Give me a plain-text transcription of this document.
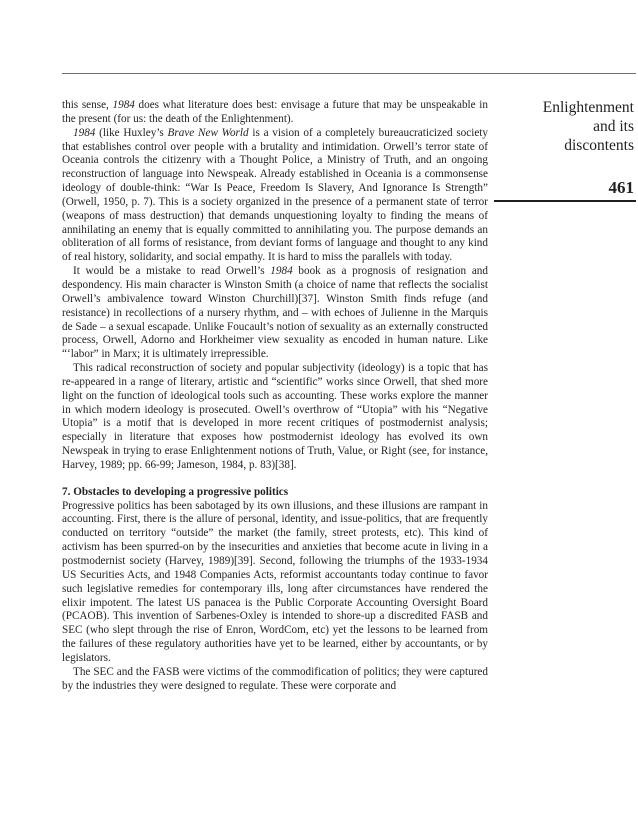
Enlightenment
and its
discontents
461

this sense, 1984 does what literature does best: envisage a future that may be unspeakable in the present (for us: the death of the Enlightenment).

1984 (like Huxley’s Brave New World is a vision of a completely bureaucraticized society that establishes control over people with a brutality and intimidation. Orwell’s terror state of Oceania controls the citizenry with a Thought Police, a Ministry of Truth, and an ongoing reconstruction of language into Newspeak. Already established in Oceania is a commonsense ideology of double-think: “War Is Peace, Freedom Is Slavery, And Ignorance Is Strength” (Orwell, 1950, p. 7). This is a society organized in the presence of a permanent state of terror (weapons of mass destruction) that demands unquestioning loyalty to finding the means of annihilating an enemy that is equally committed to annihilating you. The purpose demands an obliteration of all forms of resistance, from deviant forms of language and thought to any kind of real history, solidarity, and social empathy. It is hard to miss the parallels with today.

It would be a mistake to read Orwell’s 1984 book as a prognosis of resignation and despondency. His main character is Winston Smith (a choice of name that reflects the socialist Orwell’s ambivalence toward Winston Churchill)[37]. Winston Smith finds refuge (and resistance) in recollections of a nursery rhythm, and – with echoes of Julienne in the Marquis de Sade – a sexual escapade. Unlike Foucault’s notion of sexuality as an externally constructed process, Orwell, Adorno and Horkheimer view sexuality as encoded in human nature. Like “‘labor” in Marx; it is ultimately irrepressible.

This radical reconstruction of society and popular subjectivity (ideology) is a topic that has re-appeared in a range of literary, artistic and “scientific” works since Orwell, that shed more light on the function of ideological tools such as accounting. These works explore the manner in which modern ideology is prosecuted. Owell’s overthrow of “Utopia” with his “Negative Utopia” is a motif that is developed in more recent critiques of postmodernist analysis; especially in literature that exposes how postmodernist ideology has evolved its own Newspeak in trying to erase Enlightenment notions of Truth, Value, or Right (see, for instance, Harvey, 1989; pp. 66-99; Jameson, 1984, p. 83)[38].

7. Obstacles to developing a progressive politics

Progressive politics has been sabotaged by its own illusions, and these illusions are rampant in accounting. First, there is the allure of personal, identity, and issue-politics, that are frequently conducted on territory “outside” the market (the family, street protests, etc). This kind of activism has been spurred-on by the insecurities and anxieties that become acute in living in a postmodernist society (Harvey, 1989)[39]. Second, following the triumphs of the 1933-1934 US Securities Acts, and 1948 Companies Acts, reformist accountants today continue to favor such legislative remedies for contemporary ills, long after circumstances have rendered the elixir impotent. The latest US panacea is the Public Corporate Accounting Oversight Board (PCAOB). This invention of Sarbenes-Oxley is intended to shore-up a discredited FASB and SEC (who slept through the rise of Enron, WordCom, etc) yet the lessons to be learned from the failures of these regulatory authorities have yet to be learned, either by accountants, or by legislators.

The SEC and the FASB were victims of the commodification of politics; they were captured by the industries they were designed to regulate. These were corporate and
